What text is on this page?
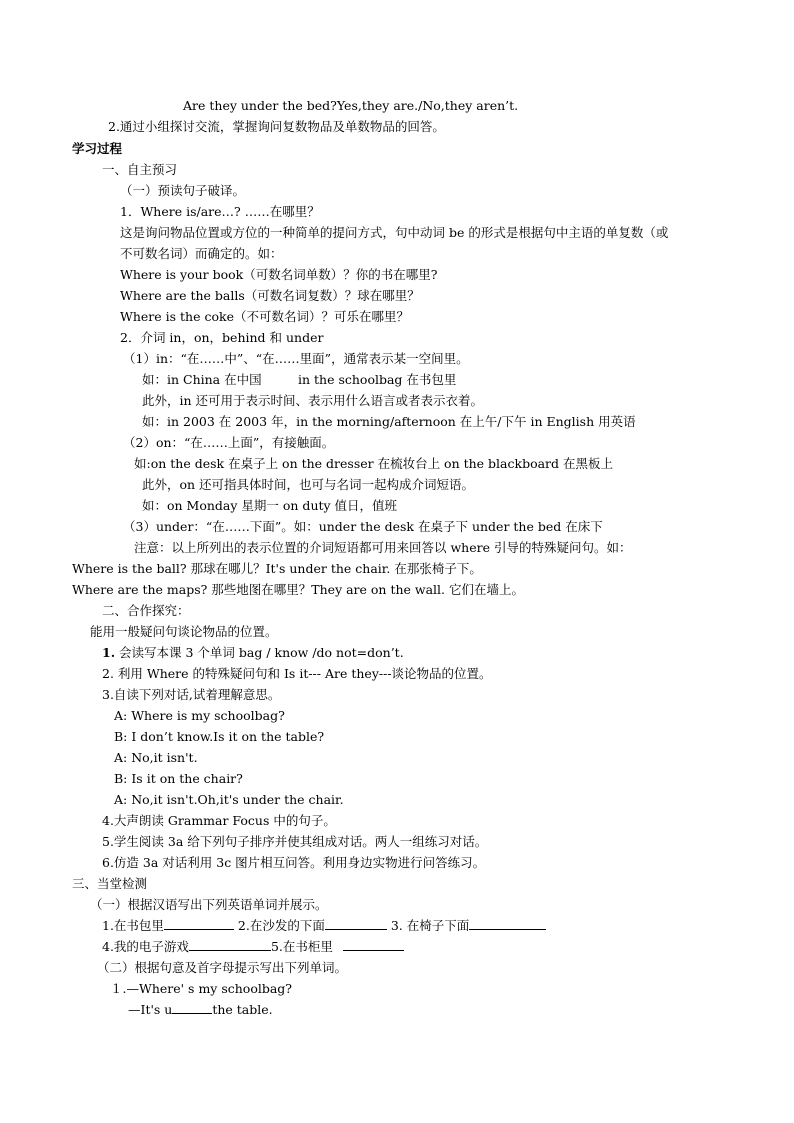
Are they under the bed?Yes,they are./No,they aren’t.
2.通过小组探讨交流，掌握询问复数物品及单数物品的回答。
学习过程
一、自主预习
（一）预读句子破译。
1．Where is/are…? ……在哪里？
这是询问物品位置或方位的一种简单的提问方式，句中动词 be 的形式是根据句中主语的单复数（或
不可数名词）而确定的。如：
Where is your book（可数名词单数）？你的书在哪里?
Where are the balls（可数名词复数）？球在哪里？
Where is the coke（不可数名词）？可乐在哪里？
2．介词 in，on，behind 和 under
（1）in：“在……中”、“在……里面”，通常表示某一空间里。
如：in China 在中国	in the schoolbag 在书包里
此外，in 还可用于表示时间、表示用什么语言或者表示衣着。
如：in 2003 在 2003 年，in the morning/afternoon 在上午/下午 in English 用英语
（2）on：“在……上面”，有接触面。
如:on the desk 在桌子上 on the dresser 在梳妆台上 on the blackboard 在黑板上
此外，on 还可指具体时间，也可与名词一起构成介词短语。
如：on Monday 星期一 on duty 值日，值班
（3）under：“在……下面”。如：under the desk 在桌子下 under the bed 在床下
注意：以上所列出的表示位置的介词短语都可用来回答以 where 引导的特殊疑问句。如：
Where is the ball? 那球在哪儿？It's under the chair. 在那张椅子下。
Where are the maps? 那些地图在哪里？They are on the wall. 它们在墙上。
二、合作探究：
能用一般疑问句谈论物品的位置。
1. 会读写本课 3 个单词 bag / know /do not=don’t.
2. 利用 Where 的特殊疑问句和 Is it--- Are they---谈论物品的位置。
3.自读下列对话,试着理解意思。
A: Where is my schoolbag?
B: I don’t know.Is it on the table?
A: No,it isn't.
B: Is it on the chair?
A: No,it isn't.Oh,it's under the chair.
4.大声朗读 Grammar Focus 中的句子。
5.学生阅读 3a 给下列句子排序并使其组成对话。两人一组练习对话。
6.仿造 3a 对话利用 3c 图片相互问答。利用身边实物进行问答练习。
三、当堂检测
（一）根据汉语写出下列英语单词并展示。
1.在书包里	2.在沙发的下面	3. 在椅子下面
4.我的电子游戏	5.在书柜里
（二）根据句意及首字母提示写出下列单词。
１.—Where' s my schoolbag?
—It's u	the table.
